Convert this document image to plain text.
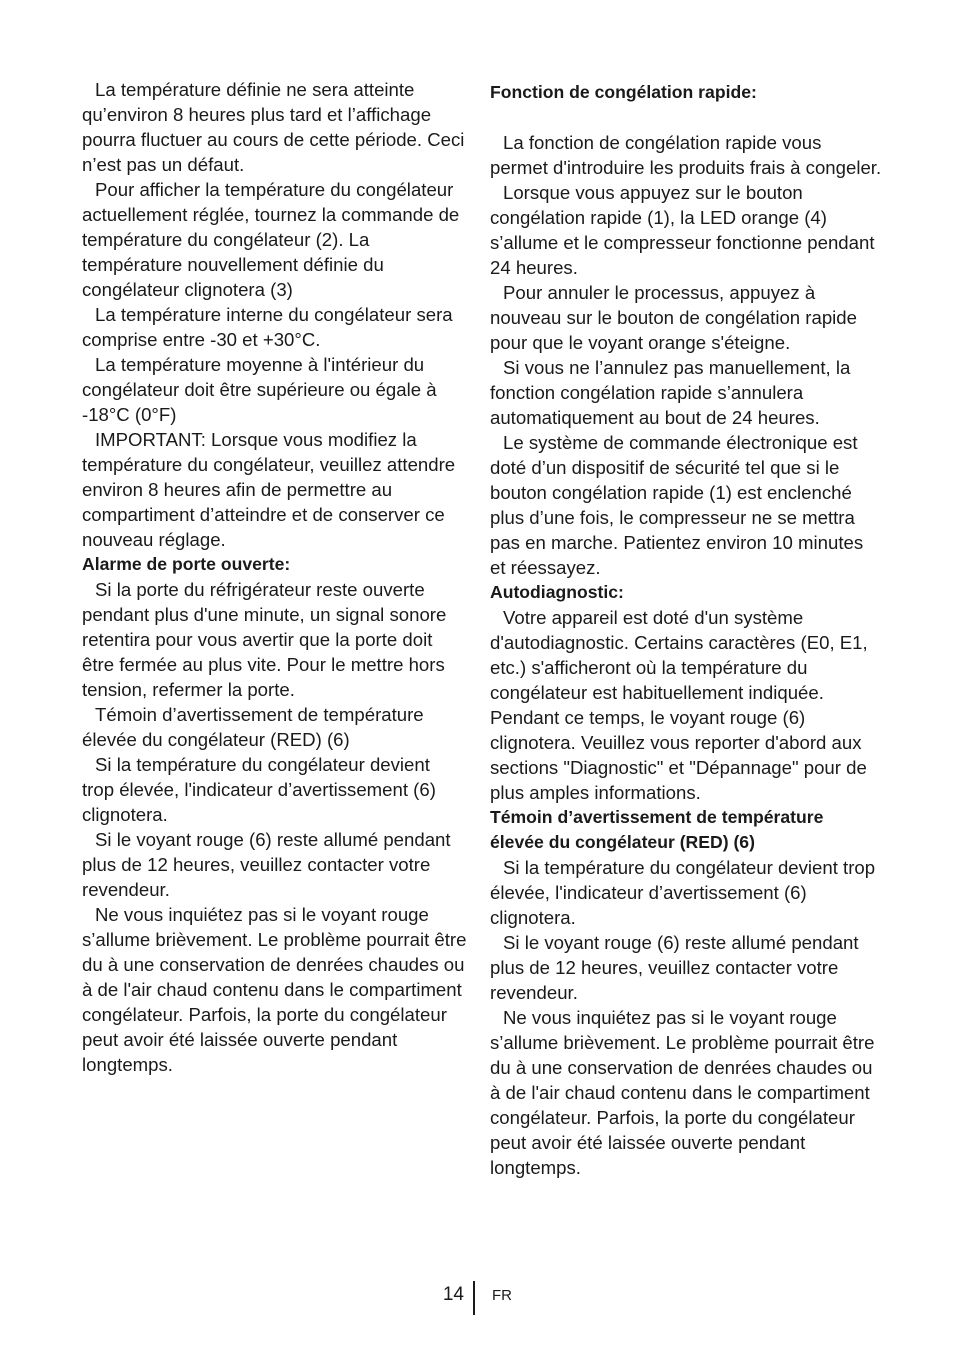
La température définie ne sera atteinte qu’environ 8 heures plus tard et l’affichage pourra fluctuer au cours de cette période. Ceci n’est pas un défaut.

Pour afficher la température du congélateur actuellement réglée, tournez la commande de température du congélateur (2). La température nouvellement définie du congélateur clignotera (3)

La température interne du congélateur sera comprise entre -30 et +30°C.

La température moyenne à l'intérieur du congélateur doit être supérieure ou égale à -18°C (0°F)

IMPORTANT: Lorsque vous modifiez la température du congélateur, veuillez attendre environ 8 heures afin de permettre au compartiment d’atteindre et de conserver ce nouveau réglage.

Alarme de porte ouverte:

Si la porte du réfrigérateur reste ouverte pendant plus d'une minute, un signal sonore retentira pour vous avertir que la porte doit être fermée au plus vite. Pour le mettre hors tension, refermer la porte.

Témoin d’avertissement de température élevée du congélateur (RED) (6)

Si la température du congélateur devient trop élevée, l'indicateur d’avertissement (6) clignotera.

Si le voyant rouge (6) reste allumé pendant plus de 12 heures, veuillez contacter votre revendeur.

Ne vous inquiétez pas si le voyant rouge s’allume brièvement. Le problème pourrait être du à une conservation de denrées chaudes ou à de l'air chaud contenu dans le compartiment congélateur. Parfois, la porte du congélateur peut avoir été laissée ouverte pendant longtemps.

Fonction de congélation rapide:

La fonction de congélation rapide vous permet d'introduire les produits frais à congeler.

Lorsque vous appuyez sur le bouton congélation rapide (1), la LED orange (4) s’allume et le compresseur fonctionne pendant 24 heures.

Pour annuler le processus, appuyez à nouveau sur le bouton de congélation rapide pour que le voyant orange s'éteigne.

Si vous ne l’annulez pas manuellement, la fonction congélation rapide s’annulera automatiquement au bout de 24 heures.

Le système de commande électronique est doté d’un dispositif de sécurité tel que si le bouton congélation rapide (1) est enclenché plus d’une fois, le compresseur ne se mettra pas en marche. Patientez environ 10 minutes et réessayez.

Autodiagnostic:

Votre appareil est doté d'un système d'autodiagnostic. Certains caractères (E0, E1, etc.) s'afficheront où la température du congélateur est habituellement indiquée. Pendant ce temps, le voyant rouge (6) clignotera. Veuillez vous reporter d'abord aux sections "Diagnostic" et "Dépannage" pour de plus amples informations.

Témoin d’avertissement de température élevée du congélateur (RED) (6)

Si la température du congélateur devient trop élevée, l'indicateur d’avertissement (6) clignotera.

Si le voyant rouge (6) reste allumé pendant plus de 12 heures, veuillez contacter votre revendeur.

Ne vous inquiétez pas si le voyant rouge s’allume brièvement. Le problème pourrait être du à une conservation de denrées chaudes ou à de l'air chaud contenu dans le compartiment congélateur. Parfois, la porte du congélateur peut avoir été laissée ouverte pendant longtemps.

14 FR
